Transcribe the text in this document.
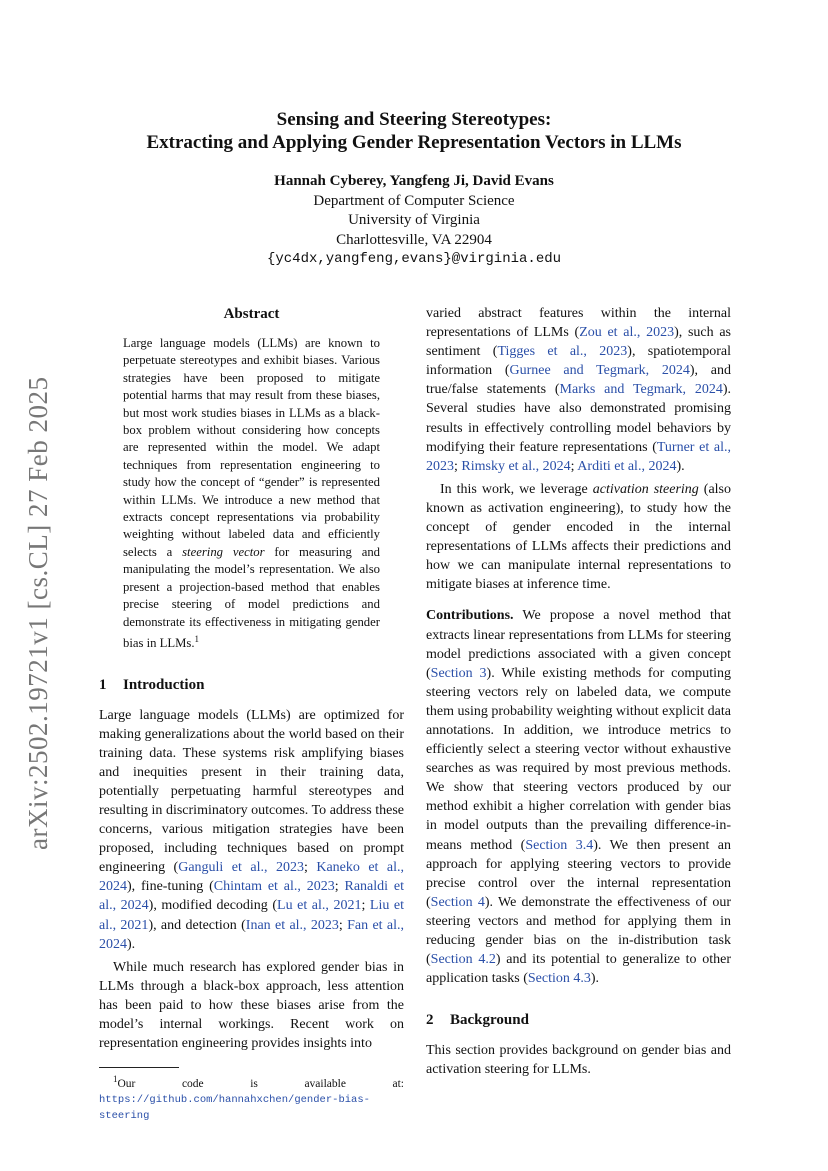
arXiv:2502.19721v1 [cs.CL] 27 Feb 2025
Sensing and Steering Stereotypes:
Extracting and Applying Gender Representation Vectors in LLMs
Hannah Cyberey, Yangfeng Ji, David Evans
Department of Computer Science
University of Virginia
Charlottesville, VA 22904
{yc4dx,yangfeng,evans}@virginia.edu
Abstract
Large language models (LLMs) are known to perpetuate stereotypes and exhibit biases. Various strategies have been proposed to mitigate potential harms that may result from these biases, but most work studies biases in LLMs as a black-box problem without considering how concepts are represented within the model. We adapt techniques from representation engineering to study how the concept of “gender” is represented within LLMs. We introduce a new method that extracts concept representations via probability weighting without labeled data and efficiently selects a steering vector for measuring and manipulating the model’s representation. We also present a projection-based method that enables precise steering of model predictions and demonstrate its effectiveness in mitigating gender bias in LLMs.$^1$
1 Introduction

Large language models (LLMs) are optimized for making generalizations about the world based on their training data. These systems risk amplifying biases and inequities present in their training data, potentially perpetuating harmful stereotypes and resulting in discriminatory outcomes. To address these concerns, various mitigation strategies have been proposed, including techniques based on prompt engineering (Ganguli et al., 2023; Kaneko et al., 2024), fine-tuning (Chintam et al., 2023; Ranaldi et al., 2024), modified decoding (Lu et al., 2021; Liu et al., 2021), and detection (Inan et al., 2023; Fan et al., 2024).

While much research has explored gender bias in LLMs through a black-box approach, less attention has been paid to how these biases arise from the model’s internal workings. Recent work on representation engineering provides insights into

$^1$Our code is available at: https://github.com/hannahxchen/gender-bias-steering

varied abstract features within the internal representations of LLMs (Zou et al., 2023), such as sentiment (Tigges et al., 2023), spatiotemporal information (Gurnee and Tegmark, 2024), and true/false statements (Marks and Tegmark, 2024). Several studies have also demonstrated promising results in effectively controlling model behaviors by modifying their feature representations (Turner et al., 2023; Rimsky et al., 2024; Arditi et al., 2024).

In this work, we leverage activation steering (also known as activation engineering), to study how the concept of gender encoded in the internal representations of LLMs affects their predictions and how we can manipulate internal representations to mitigate biases at inference time.

Contributions. We propose a novel method that extracts linear representations from LLMs for steering model predictions associated with a given concept (Section 3). While existing methods for computing steering vectors rely on labeled data, we compute them using probability weighting without explicit data annotations. In addition, we introduce metrics to efficiently select a steering vector without exhaustive searches as was required by most previous methods. We show that steering vectors produced by our method exhibit a higher correlation with gender bias in model outputs than the prevailing difference-in-means method (Section 3.4). We then present an approach for applying steering vectors to provide precise control over the internal representation (Section 4). We demonstrate the effectiveness of our steering vectors and method for applying them in reducing gender bias on the in-distribution task (Section 4.2) and its potential to generalize to other application tasks (Section 4.3).

2 Background

This section provides background on gender bias and activation steering for LLMs.
